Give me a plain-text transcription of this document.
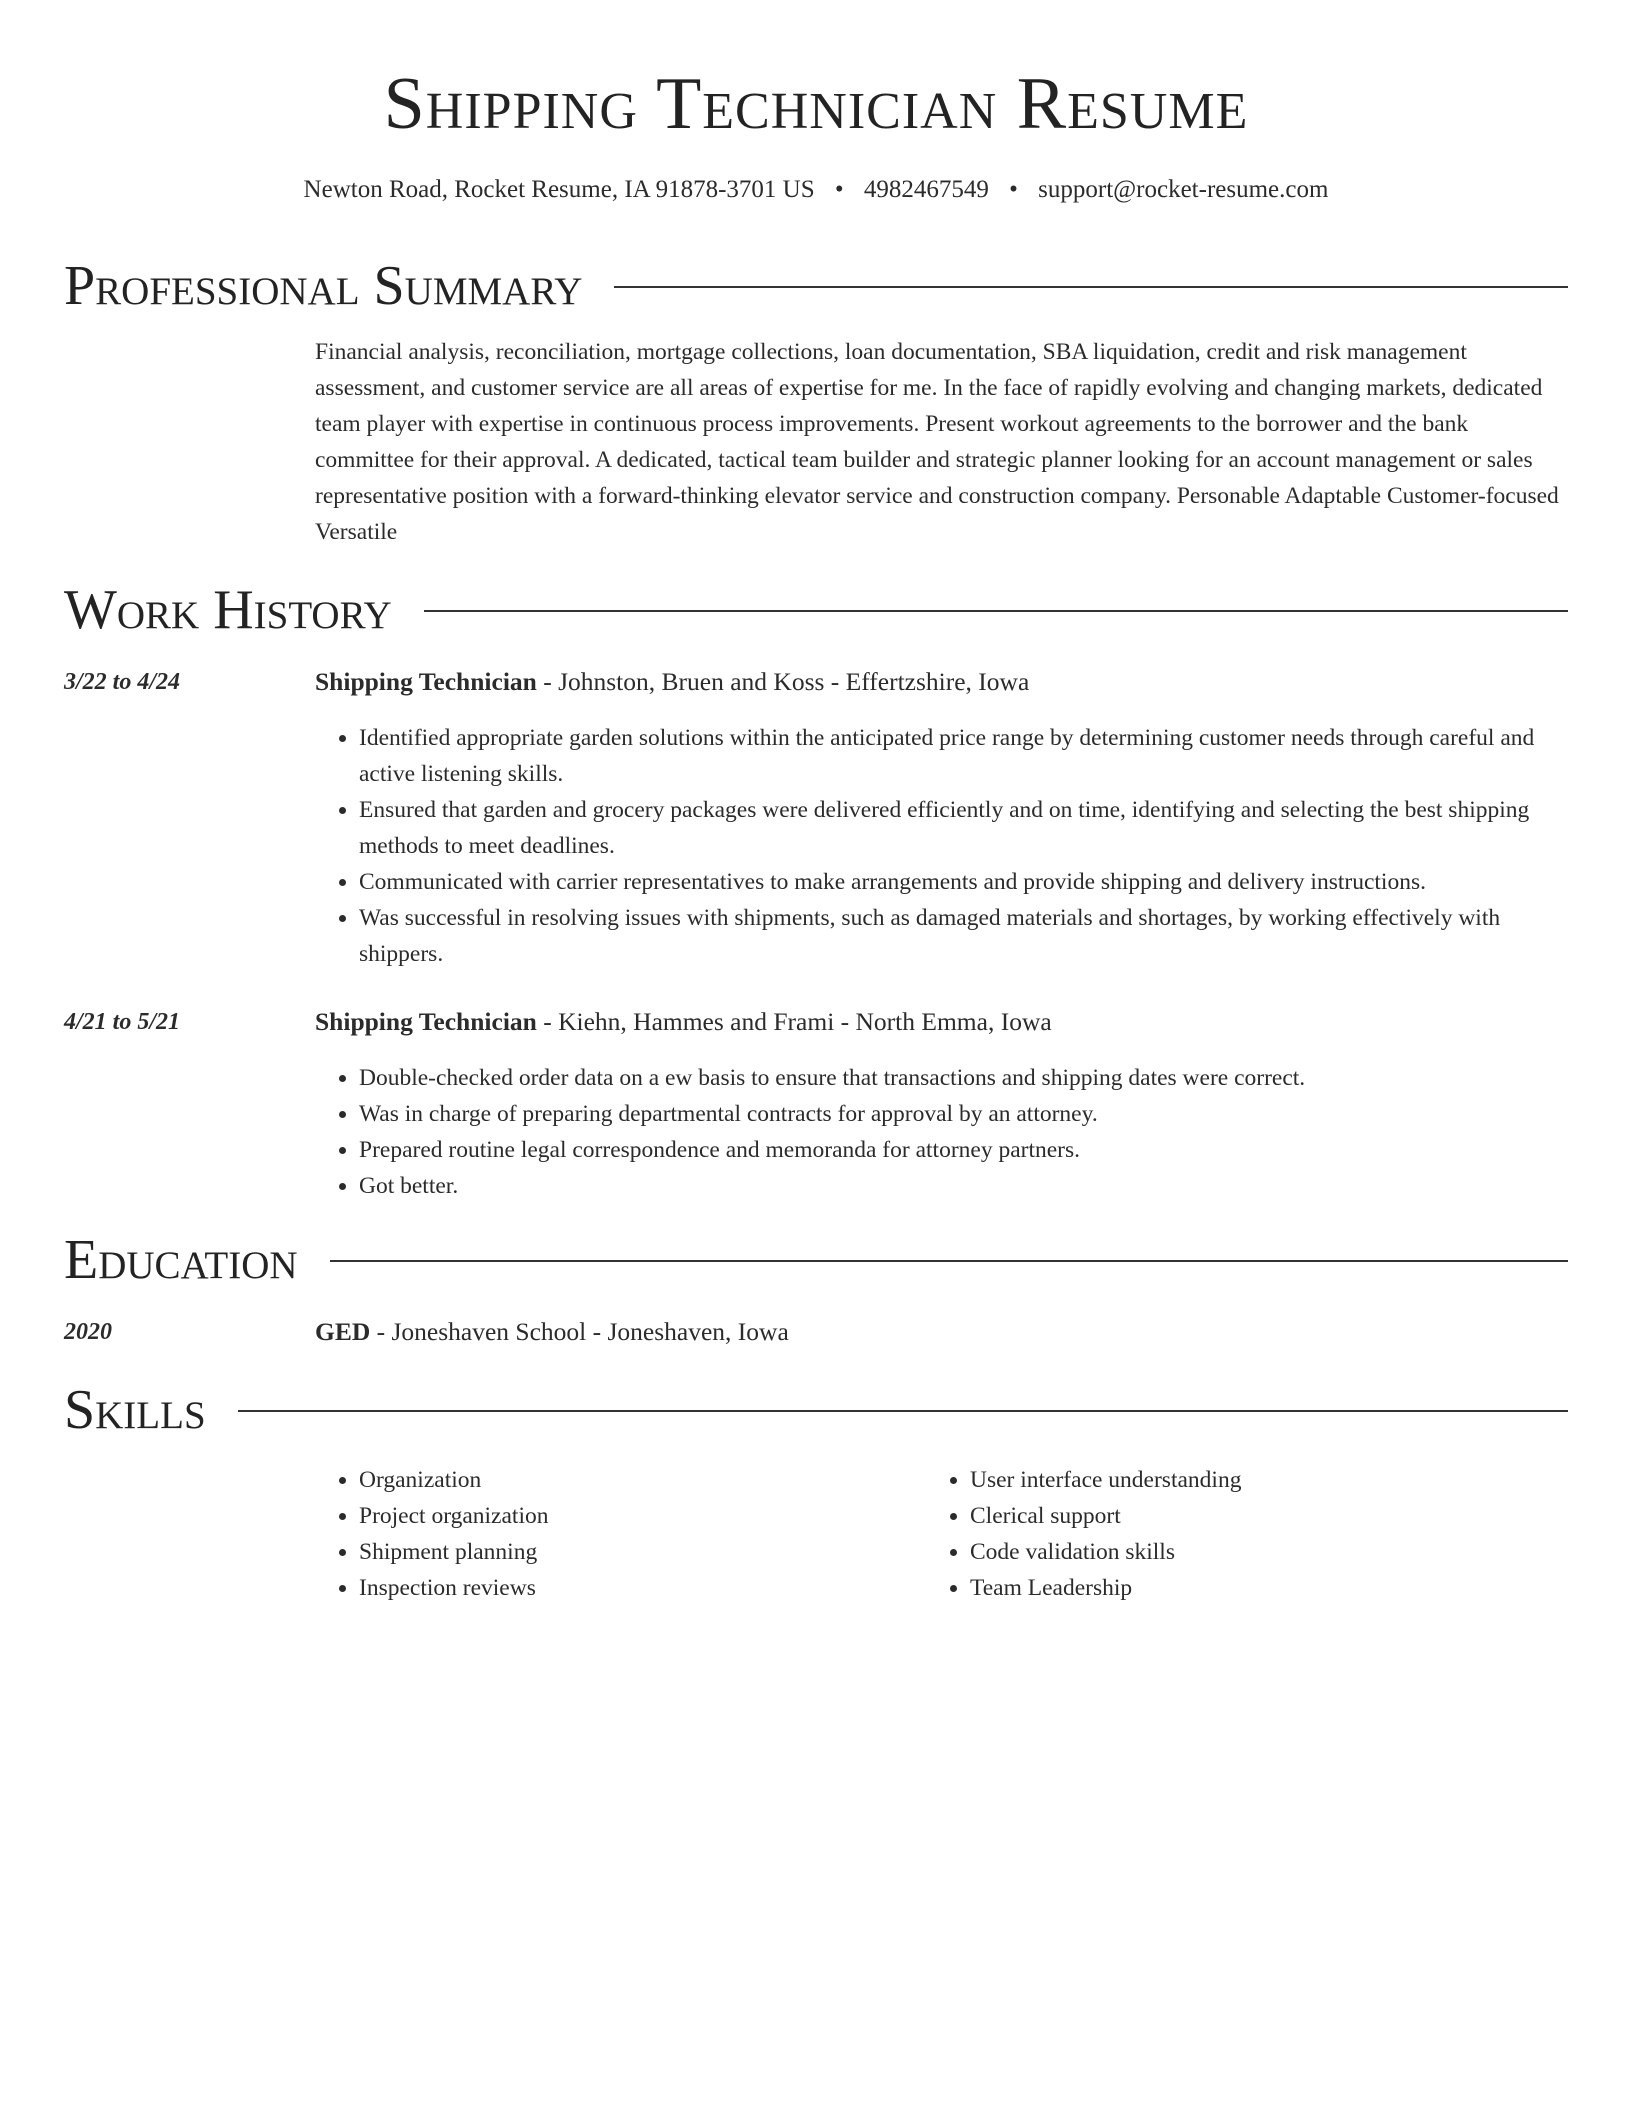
Shipping Technician Resume
Newton Road, Rocket Resume, IA 91878-3701 US • 4982467549 • support@rocket-resume.com
Professional Summary
Financial analysis, reconciliation, mortgage collections, loan documentation, SBA liquidation, credit and risk management assessment, and customer service are all areas of expertise for me. In the face of rapidly evolving and changing markets, dedicated team player with expertise in continuous process improvements. Present workout agreements to the borrower and the bank committee for their approval. A dedicated, tactical team builder and strategic planner looking for an account management or sales representative position with a forward-thinking elevator service and construction company. Personable Adaptable Customer-focused Versatile
Work History
3/22 to 4/24	Shipping Technician - Johnston, Bruen and Koss - Effertzshire, Iowa
• Identified appropriate garden solutions within the anticipated price range by determining customer needs through careful and active listening skills.
• Ensured that garden and grocery packages were delivered efficiently and on time, identifying and selecting the best shipping methods to meet deadlines.
• Communicated with carrier representatives to make arrangements and provide shipping and delivery instructions.
• Was successful in resolving issues with shipments, such as damaged materials and shortages, by working effectively with shippers.
4/21 to 5/21	Shipping Technician - Kiehn, Hammes and Frami - North Emma, Iowa
• Double-checked order data on a ew basis to ensure that transactions and shipping dates were correct.
• Was in charge of preparing departmental contracts for approval by an attorney.
• Prepared routine legal correspondence and memoranda for attorney partners.
• Got better.
Education
2020	GED - Joneshaven School - Joneshaven, Iowa
Skills
• Organization
• Project organization
• Shipment planning
• Inspection reviews
• User interface understanding
• Clerical support
• Code validation skills
• Team Leadership
